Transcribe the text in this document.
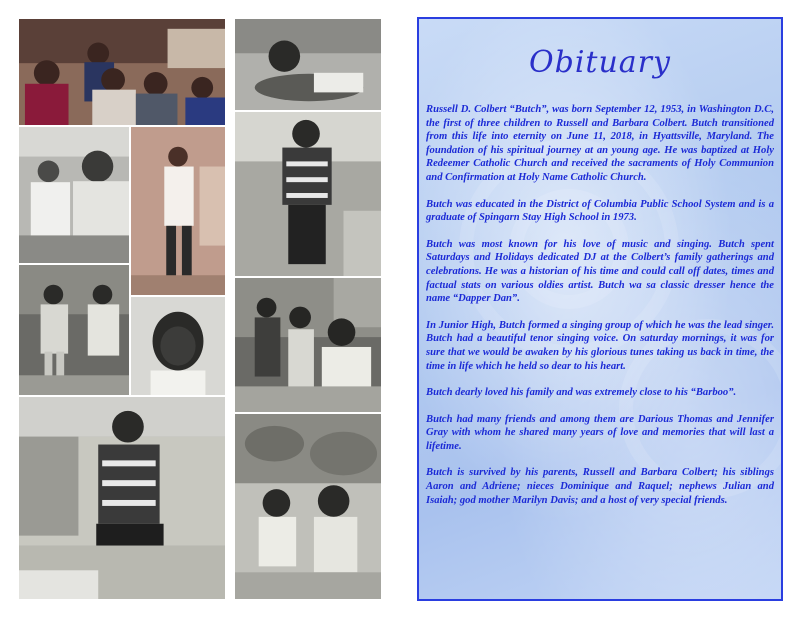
Obituary

Russell D. Colbert “Butch”, was born September 12, 1953, in Washington D.C, the first of three children to Russell and Barbara Colbert. Butch transitioned from this life into eternity on June 11, 2018, in Hyattsville, Maryland. The foundation of his spiritual journey at an young age. He was baptized at Holy Redeemer Catholic Church and received the sacraments of Holy Communion and Confirmation at Holy Name Catholic Church.

Butch was educated in the District of Columbia Public School System and is a graduate of Spingarn Stay High School in 1973.

Butch was most known for his love of music and singing. Butch spent Saturdays and Holidays dedicated DJ at the Colbert’s family gatherings and celebrations. He was a historian of his time and could call off dates, times and factual stats on various oldies artist. Butch wa sa classic dresser hence the name “Dapper Dan”.

In Junior High, Butch formed a singing group of which he was the lead singer. Butch had a beautiful tenor singing voice. On saturday mornings, it was for sure that we would be awaken by his glorious tunes taking us back in time, the time in life which he held so dear to his heart.

Butch dearly loved his family and was extremely close to his “Barboo”.

Butch had many friends and among them are Darious Thomas and Jennifer Gray with whom he shared many years of love and memories that will last a lifetime.

Butch is survived by his parents, Russell and Barbara Colbert; his siblings Aaron and Adriene; nieces Dominique and Raquel; nephews Julian and Isaiah; god mother Marilyn Davis; and a host of very special friends.
